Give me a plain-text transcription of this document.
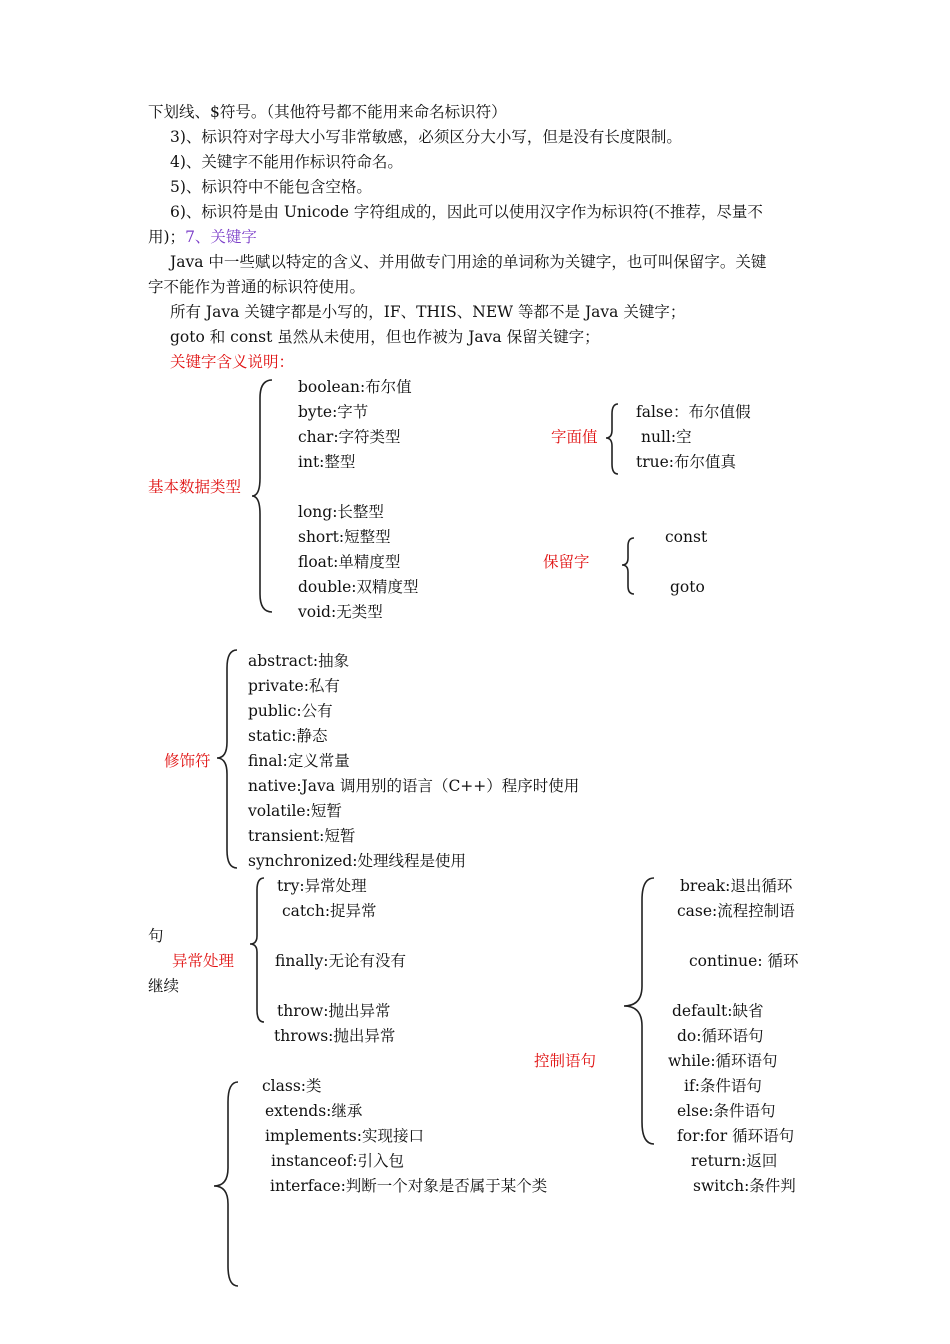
下划线、$符号。（其他符号都不能用来命名标识符）
3)、标识符对字母大小写非常敏感，必须区分大小写，但是没有长度限制。
4)、关键字不能用作标识符命名。
5)、标识符中不能包含空格。
6)、标识符是由 Unicode 字符组成的，因此可以使用汉字作为标识符(不推荐，尽量不
用)；7、关键字
Java 中一些赋以特定的含义、并用做专门用途的单词称为关键字，也可叫保留字。关键
字不能作为普通的标识符使用。
所有 Java 关键字都是小写的，IF、THIS、NEW 等都不是 Java 关键字；
goto 和 const 虽然从未使用，但也作被为 Java 保留关键字；
关键字含义说明：
基本数据类型
boolean:布尔值
byte:字节
char:字符类型
int:整型
long:长整型
short:短整型
float:单精度型
double:双精度型
void:无类型
字面值
false：布尔值假
null:空
true:布尔值真
保留字
const
goto
修饰符
abstract:抽象
private:私有
public:公有
static:静态
final:定义常量
native:Java 调用别的语言（C++）程序时使用
volatile:短暂
transient:短暂
synchronized:处理线程是使用
句
异常处理
继续
try:异常处理
catch:捉异常
finally:无论有没有
throw:抛出异常
throws:抛出异常
控制语句
break:退出循环
case:流程控制语
continue: 循环
default:缺省
do:循环语句
while:循环语句
if:条件语句
else:条件语句
for:for 循环语句
return:返回
switch:条件判
class:类
extends:继承
implements:实现接口
instanceof:引入包
interface:判断一个对象是否属于某个类
